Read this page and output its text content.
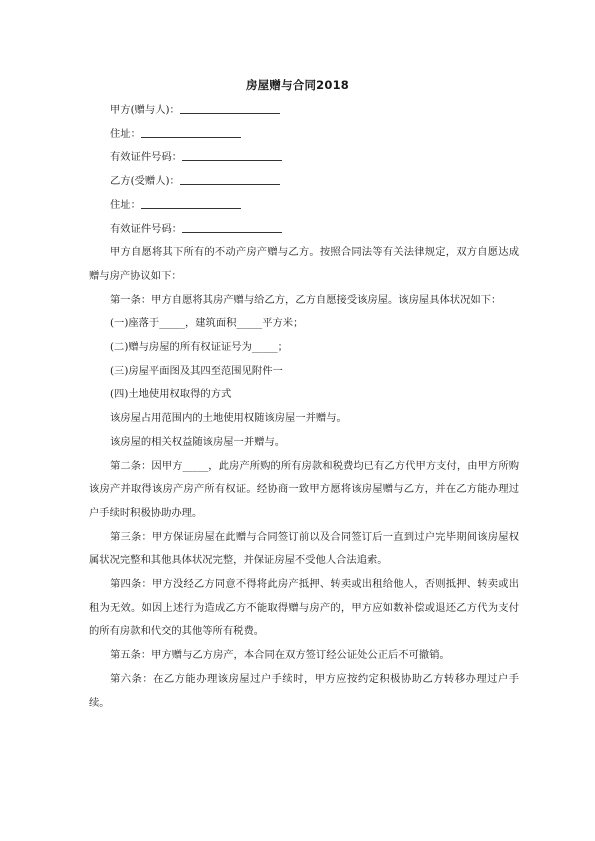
房屋赠与合同2018

甲方(赠与人)：

住址：

有效证件号码：

乙方(受赠人)：

住址：

有效证件号码：

甲方自愿将其下所有的不动产房产赠与乙方。按照合同法等有关法律规定，双方自愿达成赠与房产协议如下：

第一条：甲方自愿将其房产赠与给乙方，乙方自愿接受该房屋。该房屋具体状况如下：

(一)座落于_____，建筑面积_____平方米；

(二)赠与房屋的所有权证证号为_____；

(三)房屋平面图及其四至范围见附件一

(四)土地使用权取得的方式

该房屋占用范围内的土地使用权随该房屋一并赠与。

该房屋的相关权益随该房屋一并赠与。

第二条：因甲方_____，此房产所购的所有房款和税费均已有乙方代甲方支付，由甲方所购该房产并取得该房产房产所有权证。经协商一致甲方愿将该房屋赠与乙方，并在乙方能办理过户手续时积极协助办理。

第三条：甲方保证房屋在此赠与合同签订前以及合同签订后一直到过户完毕期间该房屋权属状况完整和其他具体状况完整，并保证房屋不受他人合法追索。

第四条：甲方没经乙方同意不得将此房产抵押、转卖或出租给他人，否则抵押、转卖或出租为无效。如因上述行为造成乙方不能取得赠与房产的，甲方应如数补偿或退还乙方代为支付的所有房款和代交的其他等所有税费。

第五条：甲方赠与乙方房产，本合同在双方签订经公证处公正后不可撤销。

第六条：在乙方能办理该房屋过户手续时，甲方应按约定积极协助乙方转移办理过户手续。
